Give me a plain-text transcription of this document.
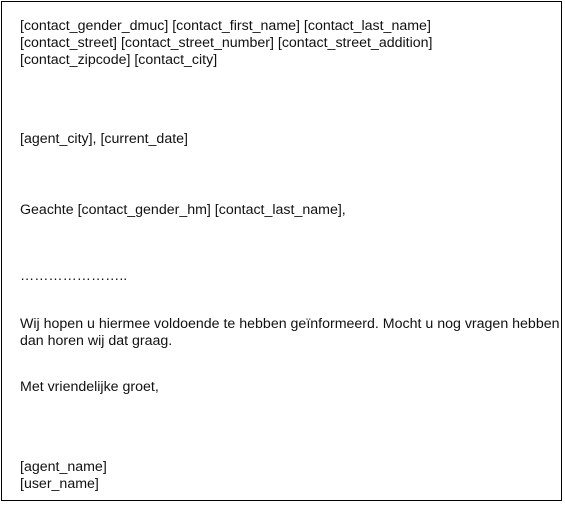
[contact_gender_dmuc] [contact_first_name] [contact_last_name]
[contact_street] [contact_street_number] [contact_street_addition]
[contact_zipcode] [contact_city]
[agent_city], [current_date]
Geachte [contact_gender_hm] [contact_last_name],
…………………..
Wij hopen u hiermee voldoende te hebben geïnformeerd. Mocht u nog vragen hebben dan horen wij dat graag.
Met vriendelijke groet,
[agent_name]
[user_name]
